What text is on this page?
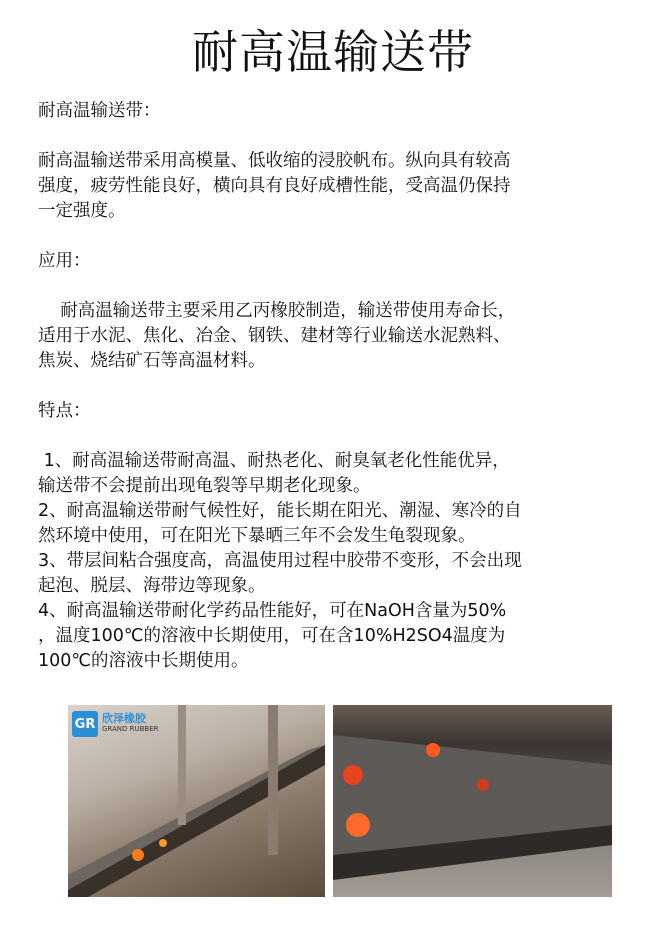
耐高温输送带
耐高温输送带：
耐高温输送带采用高模量、低收缩的浸胶帆布。纵向具有较高
强度，疲劳性能良好，横向具有良好成槽性能，受高温仍保持
一定强度。
应用：
耐高温输送带主要采用乙丙橡胶制造，输送带使用寿命长，
适用于水泥、焦化、冶金、钢铁、建材等行业输送水泥熟料、
焦炭、烧结矿石等高温材料。
特点：
1、耐高温输送带耐高温、耐热老化、耐臭氧老化性能优异，
输送带不会提前出现龟裂等早期老化现象。
2、耐高温输送带耐气候性好，能长期在阳光、潮湿、寒冷的自
然环境中使用，可在阳光下暴晒三年不会发生龟裂现象。
3、带层间粘合强度高，高温使用过程中胶带不变形，不会出现
起泡、脱层、海带边等现象。
4、耐高温输送带耐化学药品性能好，可在NaOH含量为50%
，温度100℃的溶液中长期使用，可在含10%H2SO4温度为
100℃的溶液中长期使用。
GR 欣泽橡胶
GRAND RUBBER
